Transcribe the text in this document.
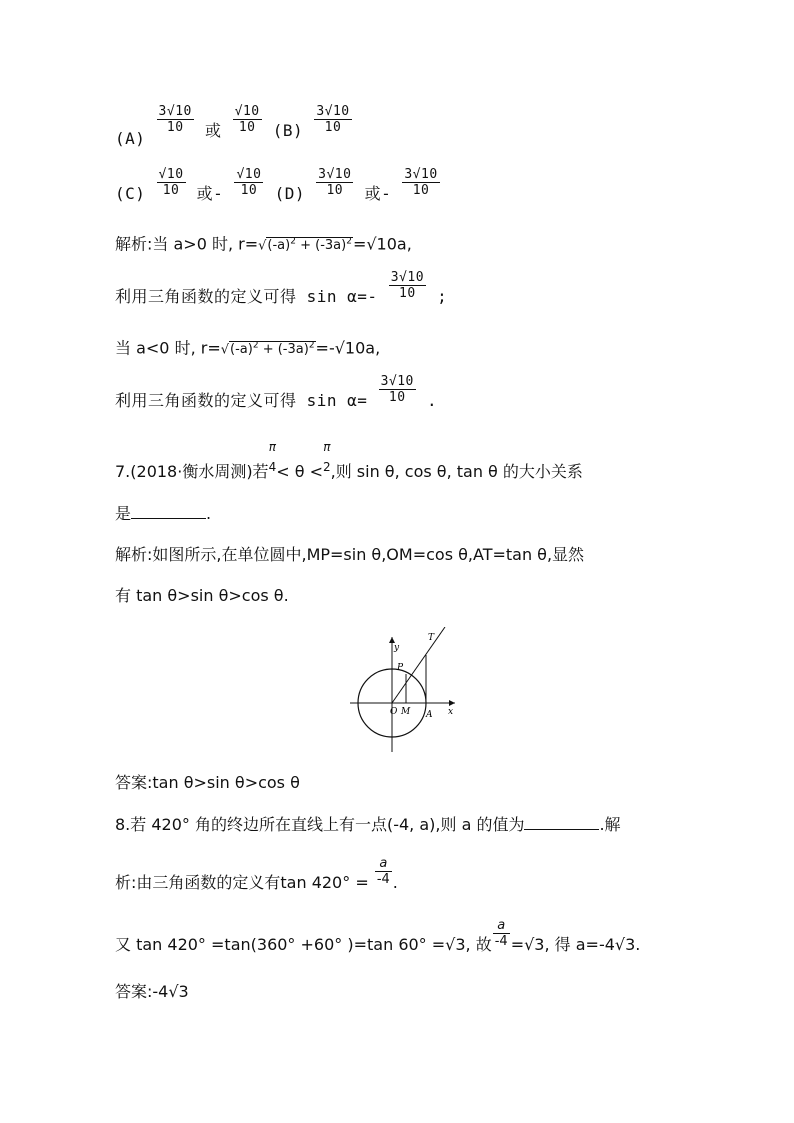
(A)
$\frac{3√10}{10}$ 或 $\frac{√10}{10} (B) \frac{3√10}{10}$
$(C) \frac{√10}{10}$ 或- $\frac{√10}{10} (D) \frac{3√10}{10}$ 或- $\frac{3√10}{10}$
解析:当 a>0 时, $r=√(-a)^2 + (-3a)^2=√10a$,
利用三角函数的定义可得 $\sin \alpha=- \frac{3√10}{10}$ ;
当 a<0 时, $r=√(-a)^2 + (-3a)^2=-√10a$,
利用三角函数的定义可得 $\sin \alpha= \frac{3√10}{10}$ .
7.(2018·衡水周测)若
π
4 < θ <
π
2 ,则 sin θ, cos θ, tan θ 的大小关系
是	.
解析:如图所示,在单位圆中,MP=sin θ,OM=cos θ,AT=tan θ,显然
有 tan θ>sin θ>cos θ.
y
x
T
P
O M A
答案:tan θ>sin θ>cos θ
8.若 420° 角的终边所在直线上有一点(-4, a),则 a 的值为	.解
析:由三角函数的定义有$\tan 420^\circ = \frac{a}{-4}$ .
又 tan 420° =tan(360° +60° )=tan 60° =√3, 故 $\frac{a}{-4} =√3$, 得 a=-4√3.
答案:-4√3
